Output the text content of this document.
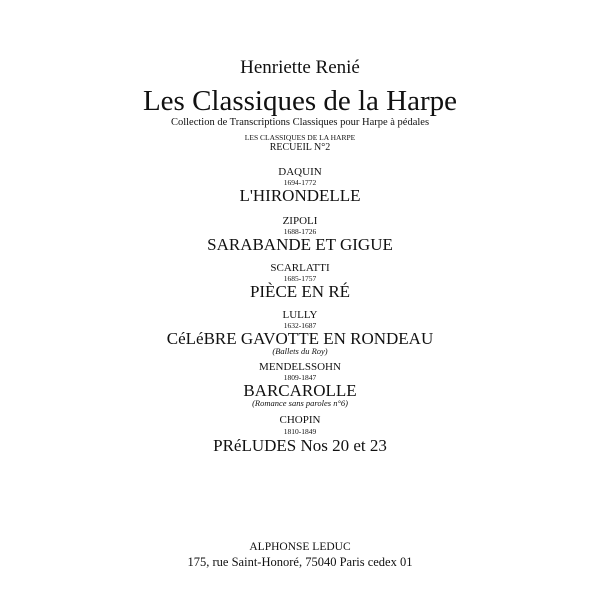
Henriette Renié
Les Classiques de la Harpe
Collection de Transcriptions Classiques pour Harpe à pédales
LES CLASSIQUES DE LA HARPE
RECUEIL N°2
DAQUIN
1694-1772
L'HIRONDELLE
ZIPOLI
1688-1726
SARABANDE ET GIGUE
SCARLATTI
1685-1757
PIÈCE EN RÉ
LULLY
1632-1687
CéLéBRE GAVOTTE EN RONDEAU
(Ballets du Roy)
MENDELSSOHN
1809-1847
BARCAROLLE
(Romance sans paroles n°6)
CHOPIN
1810-1849
PRéLUDES Nos 20 et 23
ALPHONSE LEDUC
175, rue Saint-Honoré, 75040 Paris cedex 01
